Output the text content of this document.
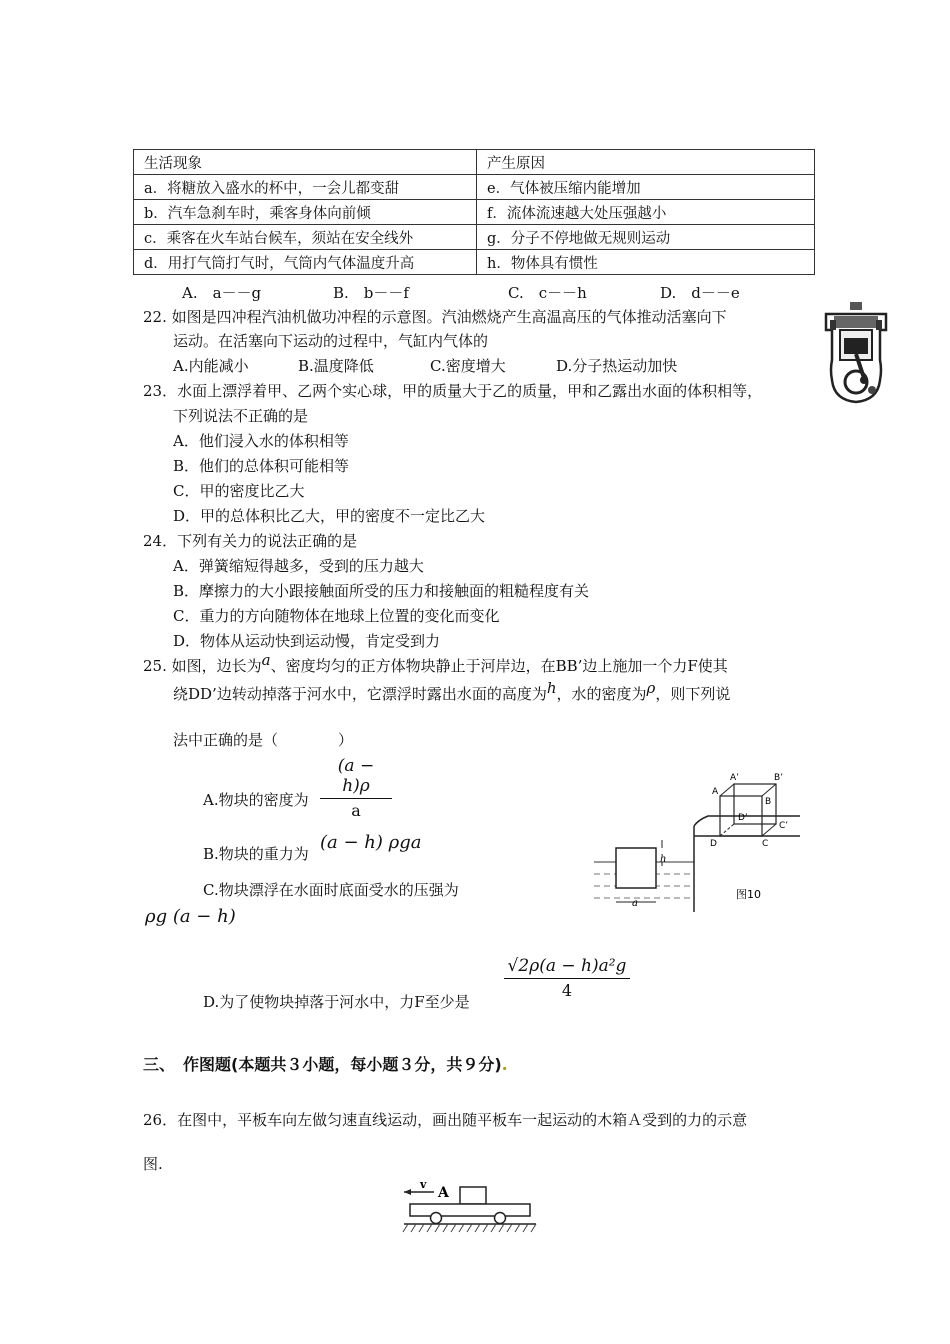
生活现象	产生原因
a．将糖放入盛水的杯中，一会儿都变甜	e．气体被压缩内能增加
b．汽车急刹车时，乘客身体向前倾	f．流体流速越大处压强越小
c．乘客在火车站台候车，须站在安全线外	g．分子不停地做无规则运动
d．用打气筒打气时，气筒内气体温度升高	h．物体具有惯性
A.　a－－g	B.　b－－f	C.　c－－h	D.　d－－e
22. 如图是四冲程汽油机做功冲程的示意图。汽油燃烧产生高温高压的气体推动活塞向下
运动。在活塞向下运动的过程中，气缸内气体的
A.内能减小	B.温度降低	C.密度增大	D.分子热运动加快
23．水面上漂浮着甲、乙两个实心球，甲的质量大于乙的质量，甲和乙露出水面的体积相等，
下列说法不正确的是
A．他们浸入水的体积相等
B．他们的总体积可能相等
C．甲的密度比乙大
D．甲的总体积比乙大，甲的密度不一定比乙大
24．下列有关力的说法正确的是
A．弹簧缩短得越多，受到的压力越大
B．摩擦力的大小跟接触面所受的压力和接触面的粗糙程度有关
C．重力的方向随物体在地球上位置的变化而变化
D．物体从运动快到运动慢，肯定受到力
25. 如图，边长为a、密度均匀的正方体物块静止于河岸边，在BB’边上施加一个力F使其
绕DD’边转动掉落于河水中，它漂浮时露出水面的高度为h，水的密度为ρ，则下列说
法中正确的是（　　　　）
A.物块的密度为
(a − h)ρ
a
B.物块的重力为
(a − h) ρga
C.物块漂浮在水面时底面受水的压强为
ρg (a − h)
D.为了使物块掉落于河水中，力F至少是
√2ρ(a − h)a²g
4
h
a
A’	B’
A
B
D’
C’
D	C
图10
三、　作图题(本题共３小题，每小题３分，共９分).
26．在图中，平板车向左做匀速直线运动，画出随平板车一起运动的木箱Ａ受到的力的示意
图.
v
A
